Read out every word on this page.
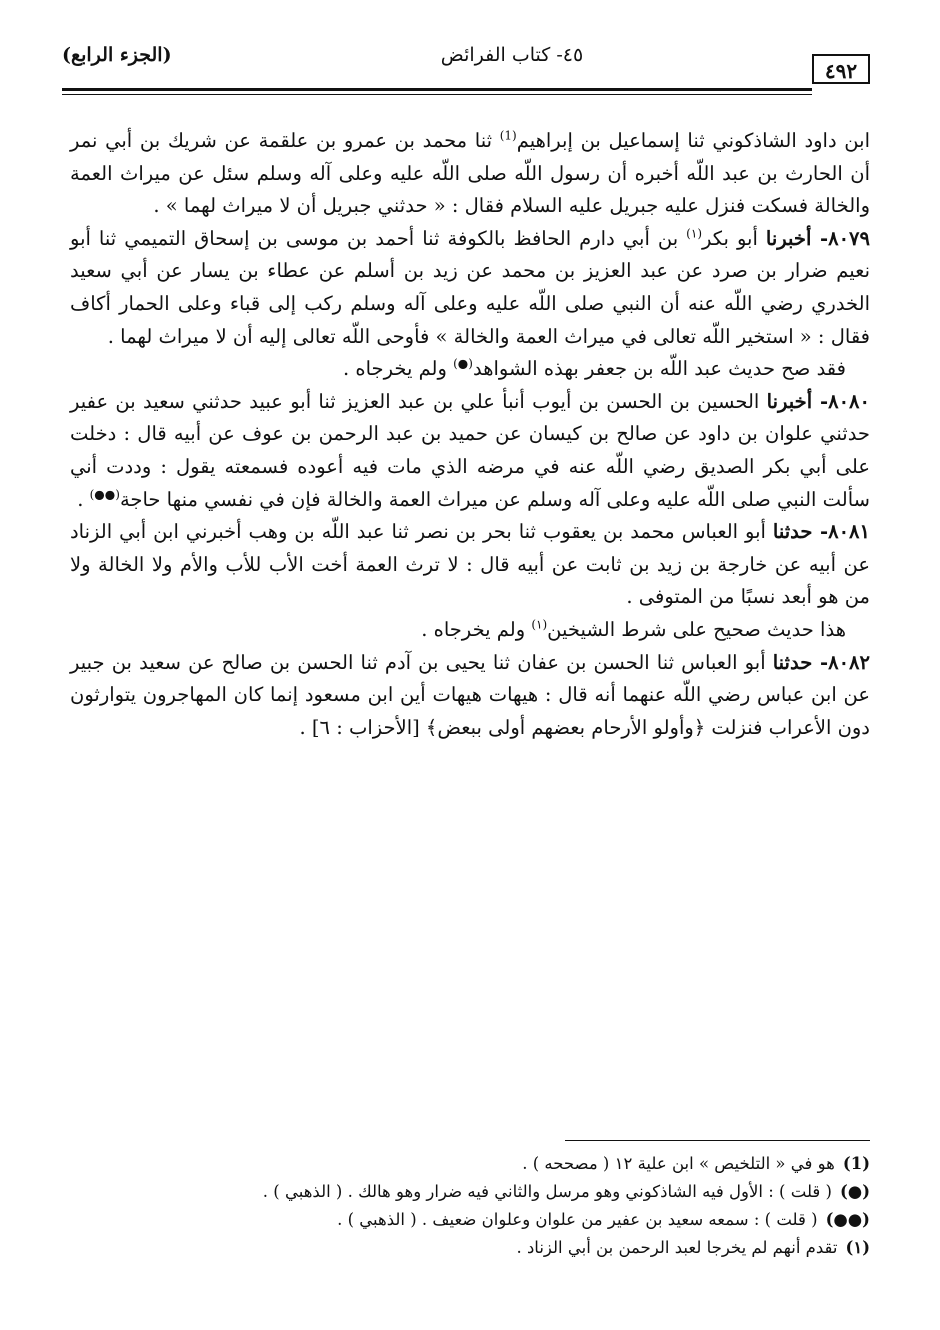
(الجزء الرابع)	٤٥- كتاب الفرائض
٤٩٢

ابن داود الشاذكوني ثنا إسماعيل بن إبراهيم$^{(1)}$ ثنا محمد بن عمرو بن علقمة عن شريك بن أبي نمر أن الحارث بن عبد اللّه أخبره أن رسول اللّه صلى اللّه عليه وعلى آله وسلم سئل عن ميراث العمة والخالة فسكت فنزل عليه جبريل عليه السلام فقال : « حدثني جبريل أن لا ميراث لهما » .

٨٠٧٩- أخبرنا أبو بكر$^{(١)}$ بن أبي دارم الحافظ بالكوفة ثنا أحمد بن موسى بن إسحاق التميمي ثنا أبو نعيم ضرار بن صرد عن عبد العزيز بن محمد عن زيد بن أسلم عن عطاء بن يسار عن أبي سعيد الخدري رضي اللّه عنه أن النبي صلى اللّه عليه وعلى آله وسلم ركب إلى قباء وعلى الحمار أكاف فقال : « استخير اللّه تعالى في ميراث العمة والخالة » فأوحى اللّه تعالى إليه أن لا ميراث لهما .

فقد صح حديث عبد اللّه بن جعفر بهذه الشواهد(●) ولم يخرجاه .

٨٠٨٠- أخبرنا الحسين بن الحسن بن أيوب أنبأ علي بن عبد العزيز ثنا أبو عبيد حدثني سعيد بن عفير حدثني علوان بن داود عن صالح بن كيسان عن حميد بن عبد الرحمن بن عوف عن أبيه قال : دخلت على أبي بكر الصديق رضي اللّه عنه في مرضه الذي مات فيه أعوده فسمعته يقول : وددت أني سألت النبي صلى اللّه عليه وعلى آله وسلم عن ميراث العمة والخالة فإن في نفسي منها حاجة(●●) .

٨٠٨١- حدثنا أبو العباس محمد بن يعقوب ثنا بحر بن نصر ثنا عبد اللّه بن وهب أخبرني ابن أبي الزناد عن أبيه عن خارجة بن زيد بن ثابت عن أبيه قال : لا ترث العمة أخت الأب للأب والأم ولا الخالة ولا من هو أبعد نسبًا من المتوفى .

هذا حديث صحيح على شرط الشيخين$^{(١)}$ ولم يخرجاه .

٨٠٨٢- حدثنا أبو العباس ثنا الحسن بن عفان ثنا يحيى بن آدم ثنا الحسن بن صالح عن سعيد بن جبير عن ابن عباس رضي اللّه عنهما أنه قال : هيهات هيهات أين ابن مسعود إنما كان المهاجرون يتوارثون دون الأعراب فنزلت ﴿وأولو الأرحام بعضهم أولى ببعض﴾ [الأحزاب : ٦] .

(1)هو في « التلخيص » ابن علية ١٢ ( مصححه ) .

(●)( قلت ) : الأول فيه الشاذكوني وهو مرسل والثاني فيه ضرار وهو هالك . ( الذهبي ) .

(●●)( قلت ) : سمعه سعيد بن عفير من علوان وعلوان ضعيف . ( الذهبي ) .

(١)تقدم أنهم لم يخرجا لعبد الرحمن بن أبي الزناد .
